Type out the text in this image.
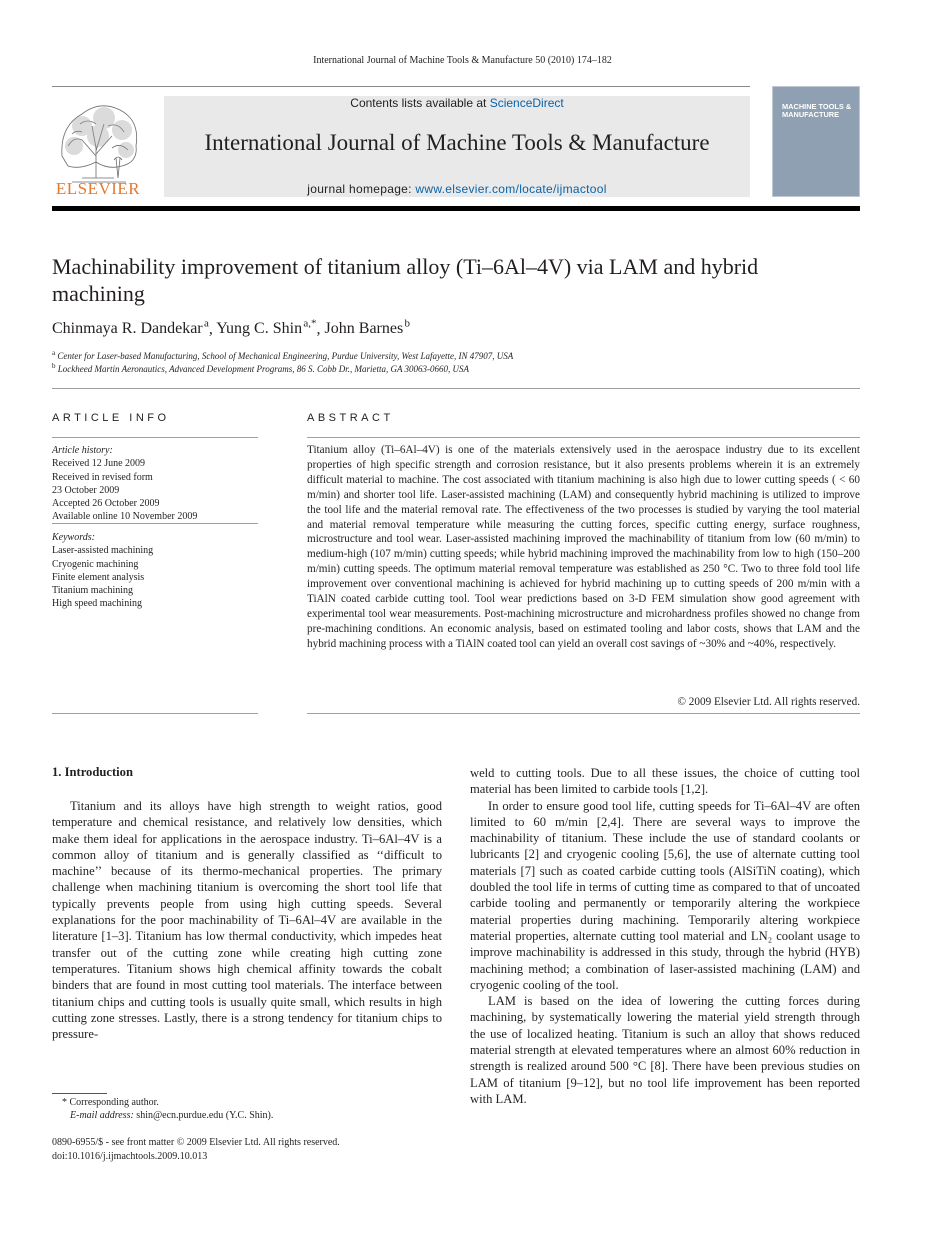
International Journal of Machine Tools & Manufacture 50 (2010) 174–182
ELSEVIER
Contents lists available at ScienceDirect
International Journal of Machine Tools & Manufacture
journal homepage: www.elsevier.com/locate/ijmactool
MACHINE TOOLS & MANUFACTURE
Machinability improvement of titanium alloy (Ti–6Al–4V) via LAM and hybrid machining
Chinmaya R. Dandekar $^a$, Yung C. Shin $^{a,*}$, John Barnes $^b$
$^a$ Center for Laser-based Manufacturing, School of Mechanical Engineering, Purdue University, West Lafayette, IN 47907, USA
$^b$ Lockheed Martin Aeronautics, Advanced Development Programs, 86 S. Cobb Dr., Marietta, GA 30063-0660, USA
ARTICLE INFO
Article history:
Received 12 June 2009
Received in revised form
23 October 2009
Accepted 26 October 2009
Available online 10 November 2009
Keywords:
Laser-assisted machining
Cryogenic machining
Finite element analysis
Titanium machining
High speed machining
ABSTRACT
Titanium alloy (Ti–6Al–4V) is one of the materials extensively used in the aerospace industry due to its excellent properties of high specific strength and corrosion resistance, but it also presents problems wherein it is an extremely difficult material to machine. The cost associated with titanium machining is also high due to lower cutting speeds ( < 60 m/min) and shorter tool life. Laser-assisted machining (LAM) and consequently hybrid machining is utilized to improve the tool life and the material removal rate. The effectiveness of the two processes is studied by varying the tool material and material removal temperature while measuring the cutting forces, specific cutting energy, surface roughness, microstructure and tool wear. Laser-assisted machining improved the machinability of titanium from low (60 m/min) to medium-high (107 m/min) cutting speeds; while hybrid machining improved the machinability from low to high (150–200 m/min) cutting speeds. The optimum material removal temperature was established as 250 °C. Two to three fold tool life improvement over conventional machining is achieved for hybrid machining up to cutting speeds of 200 m/min with a TiAlN coated carbide cutting tool. Tool wear predictions based on 3-D FEM simulation show good agreement with experimental tool wear measurements. Post-machining microstructure and microhardness profiles showed no change from pre-machining conditions. An economic analysis, based on estimated tooling and labor costs, shows that LAM and the hybrid machining process with a TiAlN coated tool can yield an overall cost savings of ~30% and ~40%, respectively.
© 2009 Elsevier Ltd. All rights reserved.
1. Introduction

Titanium and its alloys have high strength to weight ratios, good temperature and chemical resistance, and relatively low densities, which make them ideal for applications in the aerospace industry. Ti–6Al–4V is a common alloy of titanium and is generally classified as ‘‘difficult to machine’’ because of its thermo-mechanical properties. The primary challenge when machining titanium is overcoming the short tool life that typically prevents people from using high cutting speeds. Several explanations for the poor machinability of Ti–6Al–4V are available in the literature [1–3]. Titanium has low thermal conductivity, which impedes heat transfer out of the cutting zone while creating high cutting zone temperatures. Titanium shows high chemical affinity towards the cobalt binders that are found in most cutting tool materials. The interface between titanium chips and cutting tools is usually quite small, which results in high cutting zone stresses. Lastly, there is a strong tendency for titanium chips to pressure-

weld to cutting tools. Due to all these issues, the choice of cutting tool material has been limited to carbide tools [1,2].

In order to ensure good tool life, cutting speeds for Ti–6Al–4V are often limited to 60 m/min [2,4]. There are several ways to improve the machinability of titanium. These include the use of standard coolants or lubricants [2] and cryogenic cooling [5,6], the use of alternate cutting tool materials [7] such as coated carbide cutting tools (AlSiTiN coating), which doubled the tool life in terms of cutting time as compared to that of uncoated carbide tooling and permanently or temporarily altering the workpiece material properties during machining. Temporarily altering workpiece material properties, alternate cutting tool material and LN₂ coolant usage to improve machinability is addressed in this study, through the hybrid (HYB) machining method; a combination of laser-assisted machining (LAM) and cryogenic cooling of the tool.

LAM is based on the idea of lowering the cutting forces during machining, by systematically lowering the material yield strength through the use of localized heating. Titanium is such an alloy that shows reduced material strength at elevated temperatures where an almost 60% reduction in strength is realized around 500 °C [8]. There have been previous studies on LAM of titanium [9–12], but no tool life improvement has been reported with LAM.

* Corresponding author.
E-mail address: shin@ecn.purdue.edu (Y.C. Shin).
0890-6955/$ - see front matter © 2009 Elsevier Ltd. All rights reserved.
doi:10.1016/j.ijmachtools.2009.10.013
